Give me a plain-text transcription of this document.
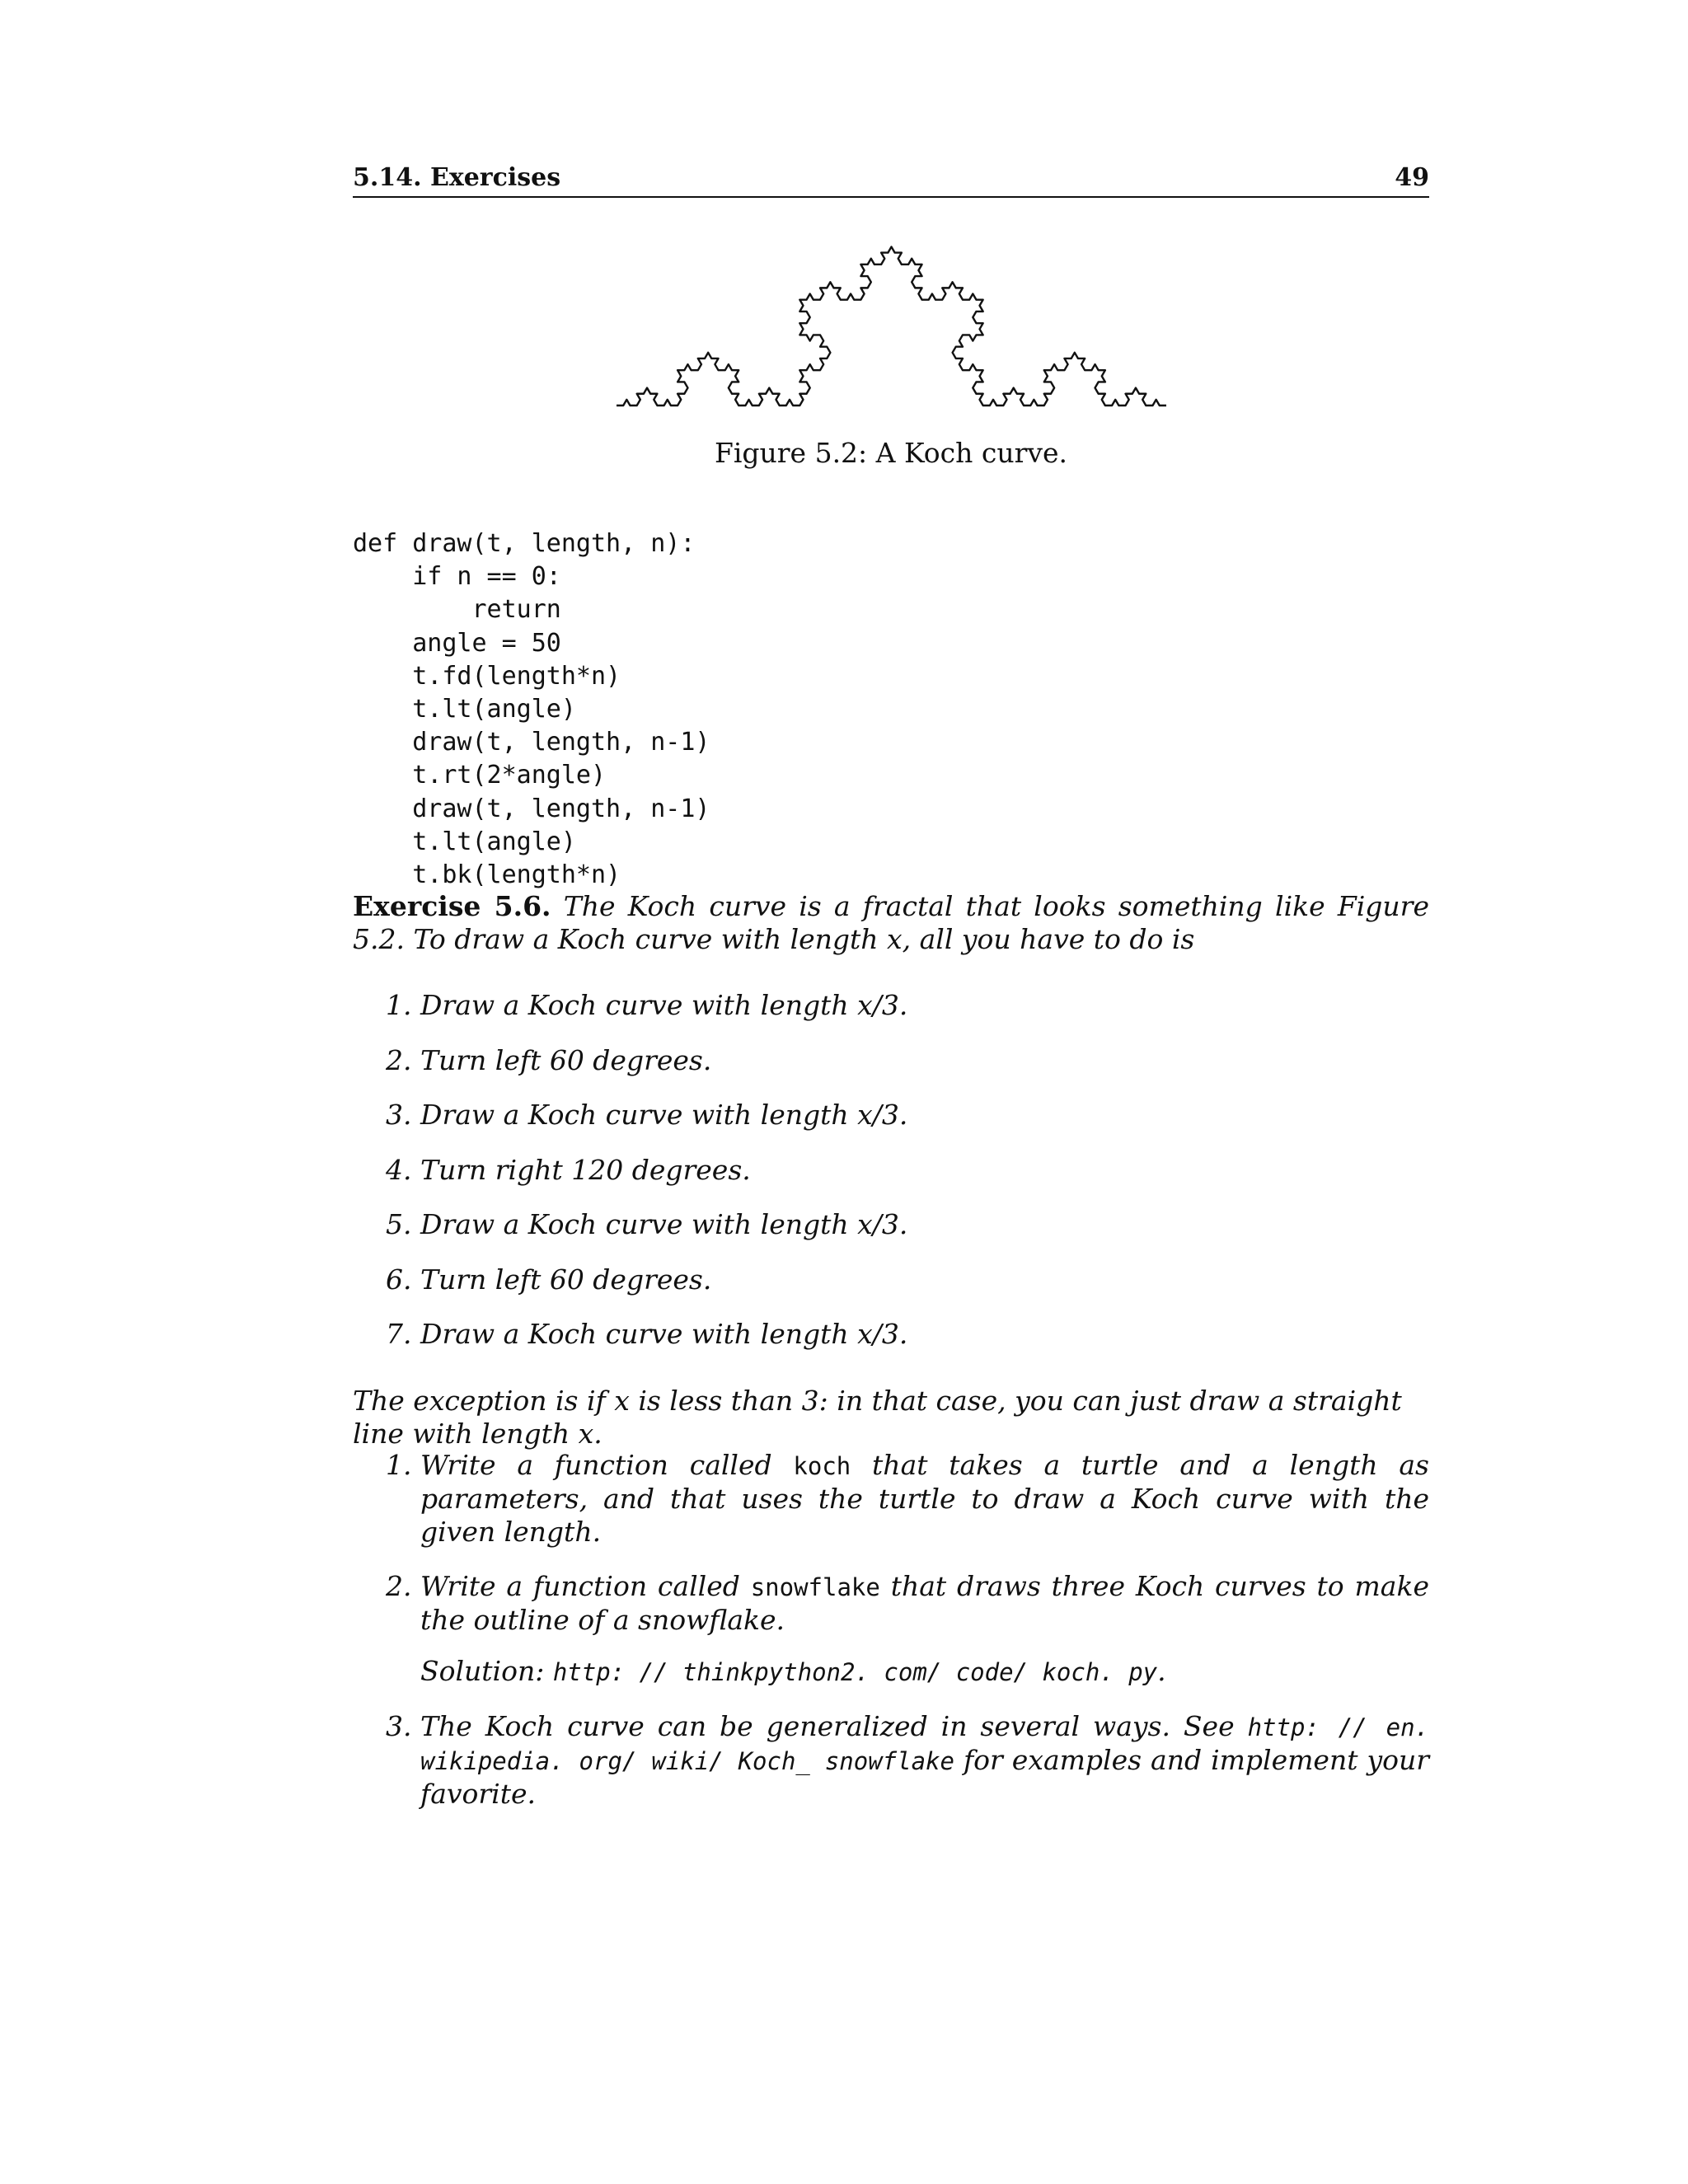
5.14. Exercises	49
Figure 5.2: A Koch curve.
def draw(t, length, n):
if n == 0:
return
angle = 50
t.fd(length*n)
t.lt(angle)
draw(t, length, n-1)
t.rt(2*angle)
draw(t, length, n-1)
t.lt(angle)
t.bk(length*n)

Exercise 5.6. The Koch curve is a fractal that looks something like Figure 5.2. To draw a Koch curve with length x, all you have to do is

1. Draw a Koch curve with length x/3.
2. Turn left 60 degrees.
3. Draw a Koch curve with length x/3.
4. Turn right 120 degrees.
5. Draw a Koch curve with length x/3.
6. Turn left 60 degrees.
7. Draw a Koch curve with length x/3.

The exception is if x is less than 3: in that case, you can just draw a straight line with length x.

1. Write a function called koch that takes a turtle and a length as parameters, and that uses the turtle to draw a Koch curve with the given length.
2. Write a function called snowflake that draws three Koch curves to make the outline of a snowflake.
Solution: http: // thinkpython2. com/ code/ koch. py.
3. The Koch curve can be generalized in several ways. See http: // en. wikipedia. org/ wiki/ Koch_ snowflake for examples and implement your favorite.
